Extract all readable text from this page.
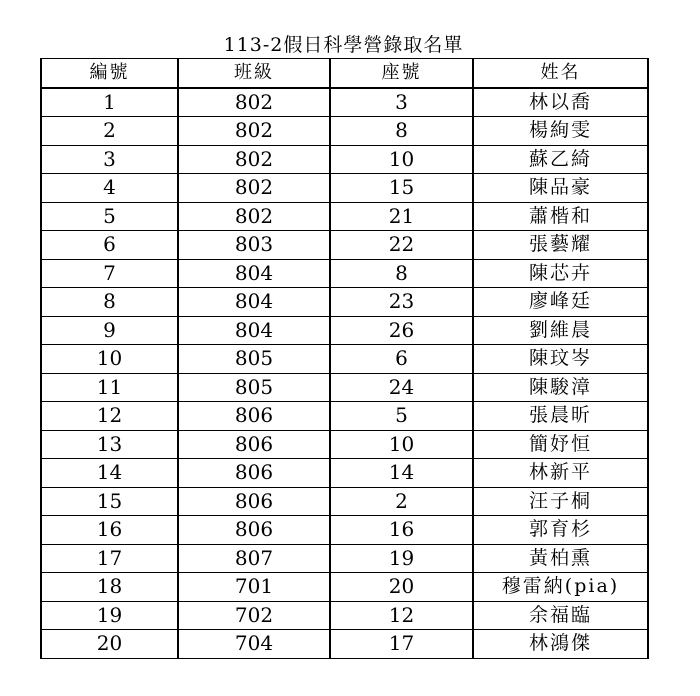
113-2假日科學營錄取名單
編號	班級	座號	姓名
1	802	3	林以喬
2	802	8	楊絢雯
3	802	10	蘇乙綺
4	802	15	陳品豪
5	802	21	蕭楷和
6	803	22	張藝耀
7	804	8	陳芯卉
8	804	23	廖峰廷
9	804	26	劉維晨
10	805	6	陳玟岑
11	805	24	陳駿漳
12	806	5	張晨昕
13	806	10	簡妤恒
14	806	14	林新平
15	806	2	汪子桐
16	806	16	郭育杉
17	807	19	黃柏熏
18	701	20	穆雷納(pia)
19	702	12	余福臨
20	704	17	林鴻傑
